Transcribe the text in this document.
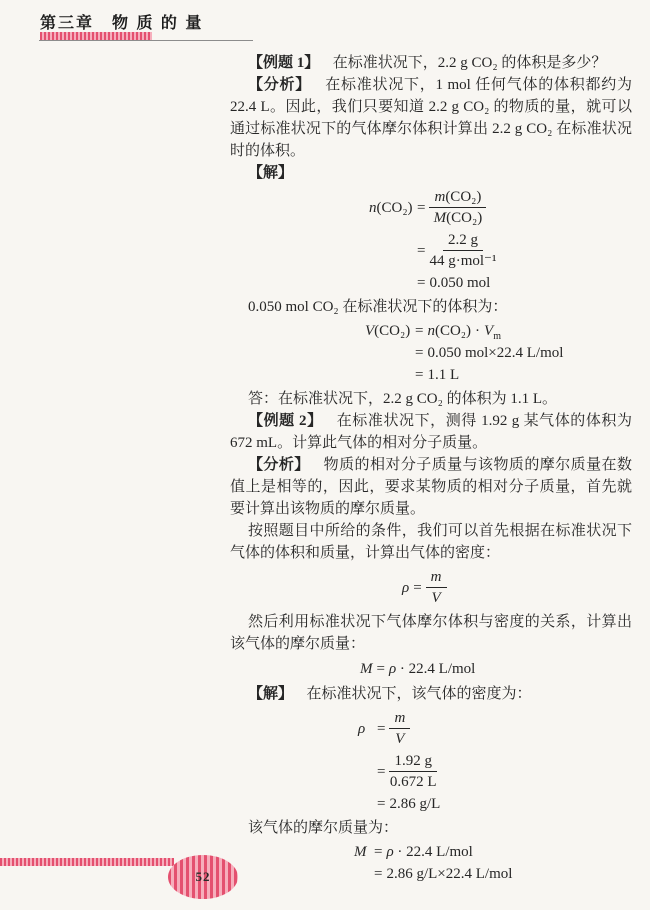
第三章　物 质 的 量

【例题 1】 在标准状况下，2.2 g CO₂ 的体积是多少？

【分析】 在标准状况下，1 mol 任何气体的体积都约为 22.4 L。因此，我们只要知道 2.2 g CO₂ 的物质的量，就可以通过标准状况下的气体摩尔体积计算出 2.2 g CO₂ 在标准状况时的体积。

【解】

$n(CO_2) = \frac{\text{m(CO₂)}}{\text{M(CO₂)}}$
= $\frac{2.2 g}{\text{44 g·mol⁻¹}}$
= 0.050 mol

0.050 mol CO₂ 在标准状况下的体积为：

$V(CO_2) = n(CO_2) \cdot V_m$
= 0.050 mol×22.4 L/mol
= 1.1 L

答：在标准状况下，2.2 g CO₂ 的体积为 1.1 L。

【例题 2】 在标准状况下，测得 1.92 g 某气体的体积为 672 mL。计算此气体的相对分子质量。

【分析】 物质的相对分子质量与该物质的摩尔质量在数值上是相等的，因此，要求某物质的相对分子质量，首先就要计算出该物质的摩尔质量。

按照题目中所给的条件，我们可以首先根据在标准状况下气体的体积和质量，计算出气体的密度：

$\rho = \frac{m}{V}$

然后利用标准状况下气体摩尔体积与密度的关系，计算出该气体的摩尔质量：

M = ρ · 22.4 L/mol

【解】 在标准状况下，该气体的密度为：

$\rho = \frac{m}{V}$
= $\frac{1.92 g}{0.672 L}$
= 2.86 g/L

该气体的摩尔质量为：

M = ρ · 22.4 L/mol
= 2.86 g/L×22.4 L/mol
52
